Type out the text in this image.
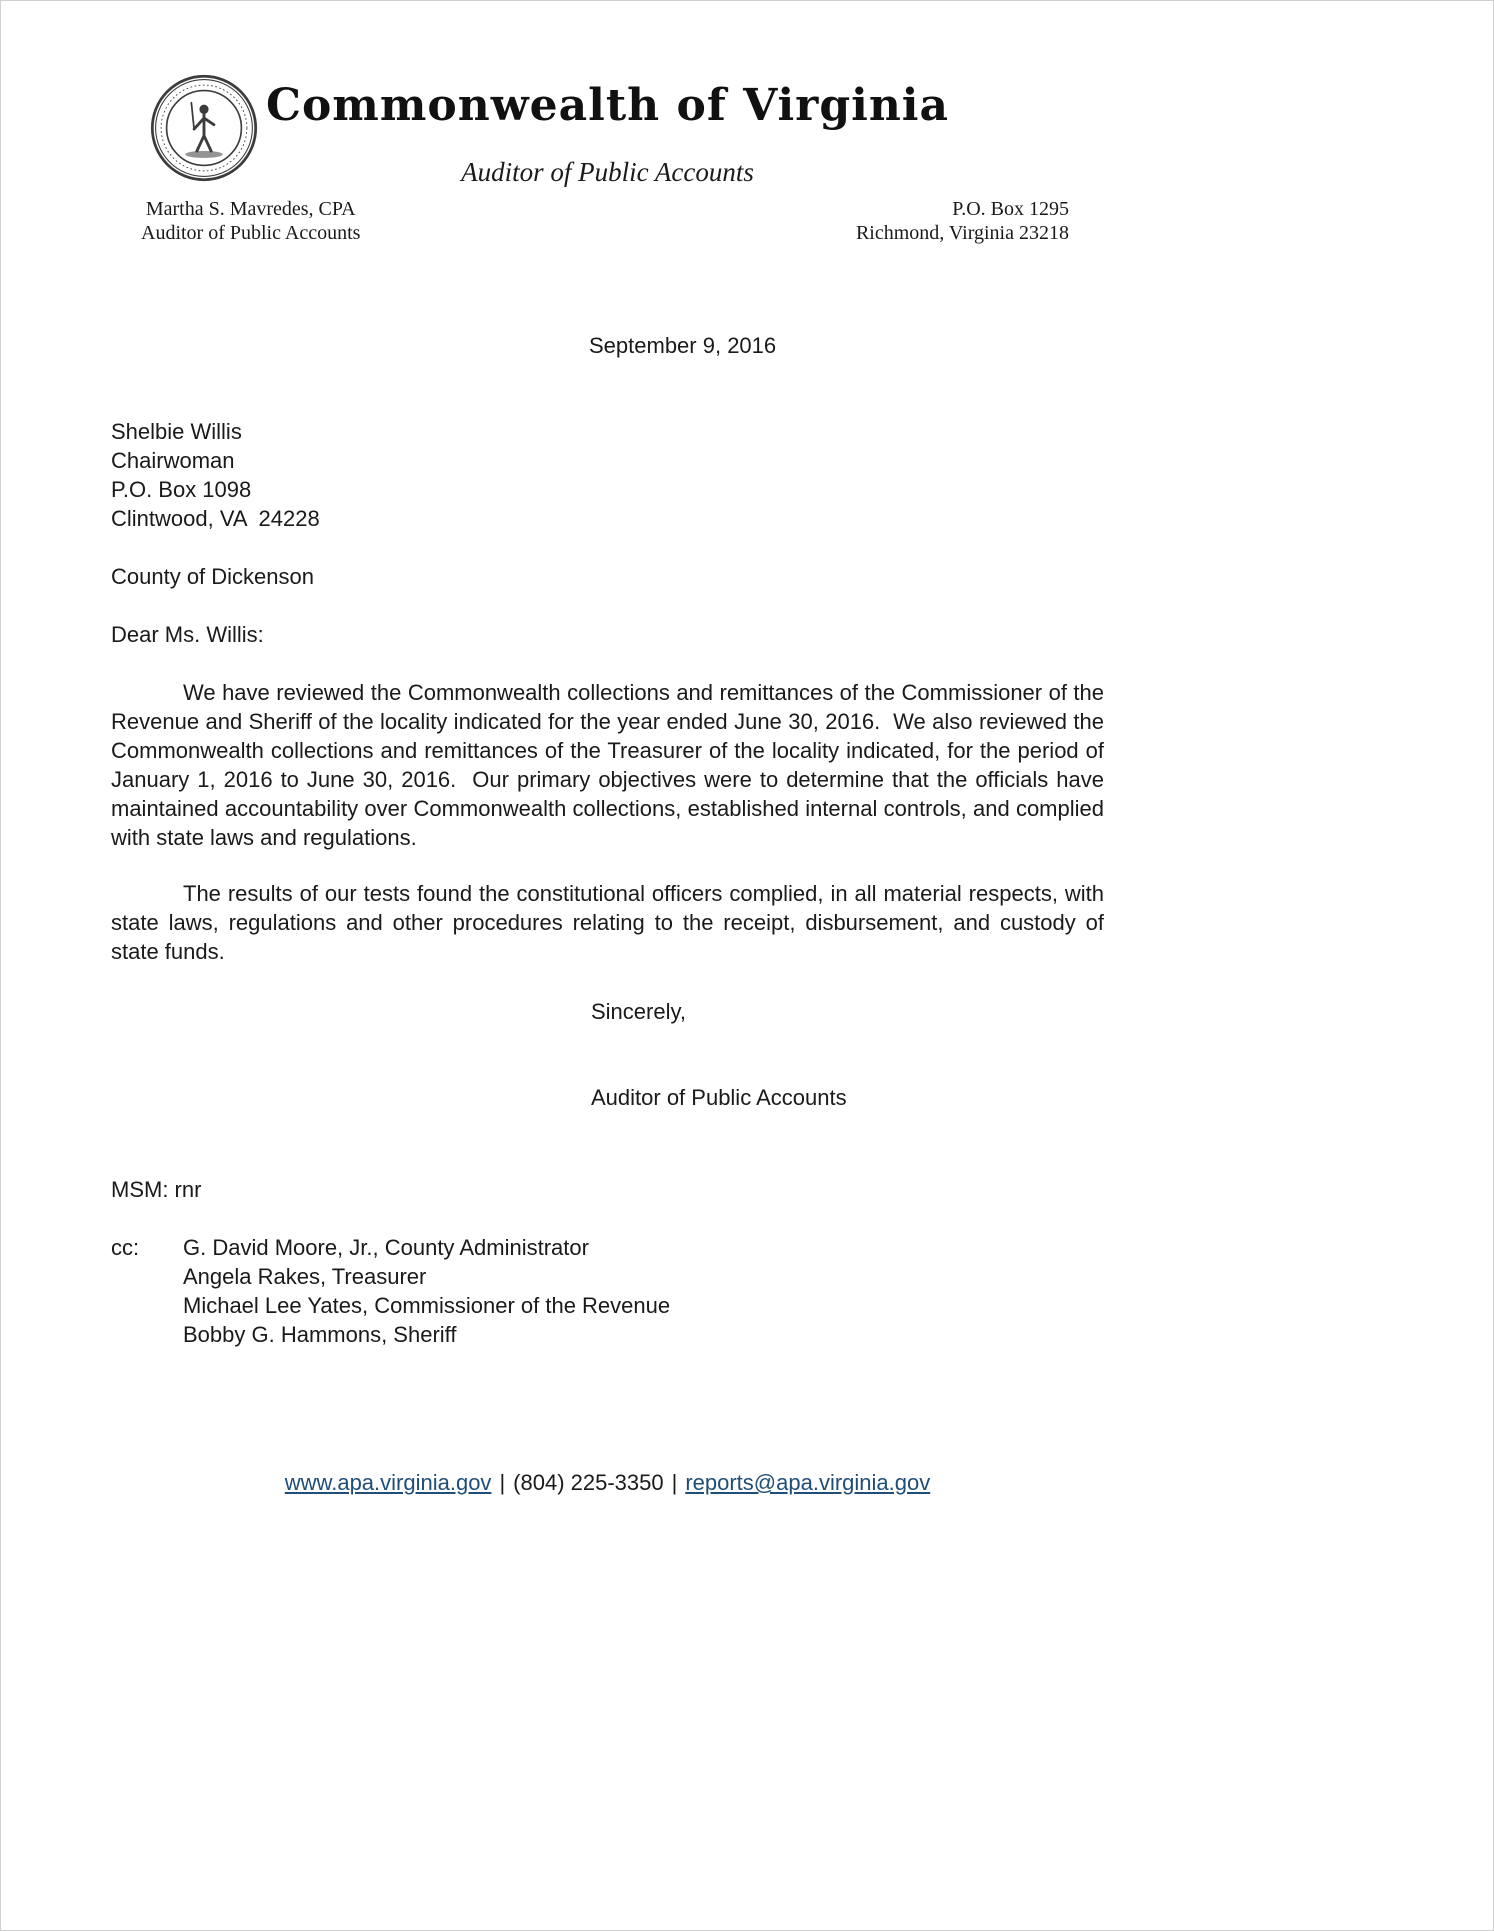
Commonwealth of Virginia
Auditor of Public Accounts
Martha S. Mavredes, CPA
Auditor of Public Accounts
P.O. Box 1295
Richmond, Virginia 23218
September 9, 2016
Shelbie Willis
Chairwoman
P.O. Box 1098
Clintwood, VA  24228
County of Dickenson
Dear Ms. Willis:

We have reviewed the Commonwealth collections and remittances of the Commissioner of the Revenue and Sheriff of the locality indicated for the year ended June 30, 2016.  We also reviewed the Commonwealth collections and remittances of the Treasurer of the locality indicated, for the period of January 1, 2016 to June 30, 2016.  Our primary objectives were to determine that the officials have maintained accountability over Commonwealth collections, established internal controls, and complied with state laws and regulations.

The results of our tests found the constitutional officers complied, in all material respects, with state laws, regulations and other procedures relating to the receipt, disbursement, and custody of state funds.

Sincerely,
Auditor of Public Accounts
MSM: rnr
cc:	G. David Moore, Jr., County Administrator
Angela Rakes, Treasurer
Michael Lee Yates, Commissioner of the Revenue
Bobby G. Hammons, Sheriff
www.apa.virginia.gov | (804) 225-3350 | reports@apa.virginia.gov
